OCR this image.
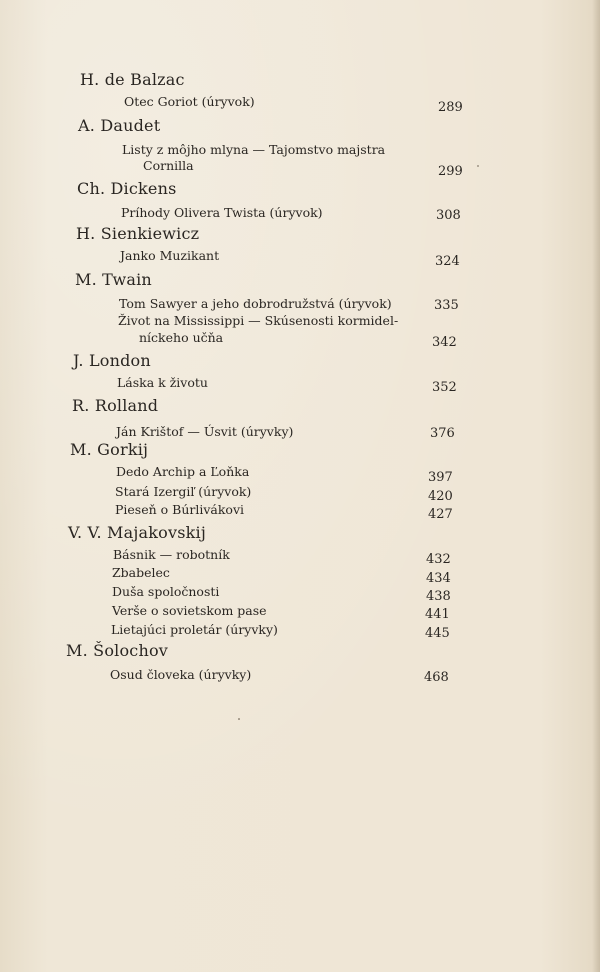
H. de Balzac
Otec Goriot (úryvok)	289
A. Daudet
Listy z môjho mlyna — Tajomstvo majstra
Cornilla	299
Ch. Dickens
Príhody Olivera Twista (úryvok)	308
H. Sienkiewicz
Janko Muzikant	324
M. Twain
Tom Sawyer a jeho dobrodružstvá (úryvok)	335
Život na Mississippi — Skúsenosti kormidel-
níckeho učňa	342
J. London
Láska k životu	352
R. Rolland
Ján Krištof — Úsvit (úryvky)	376
M. Gorkij
Dedo Archip a Ľoňka	397
Stará Izergiľ (úryvok)	420
Pieseň o Búrlivákovi	427
V. V. Majakovskij
Básnik — robotník	432
Zbabelec	434
Duša spoločnosti	438
Verše o sovietskom pase	441
Lietajúci proletár (úryvky)	445
M. Šolochov
Osud človeka (úryvky)	468
